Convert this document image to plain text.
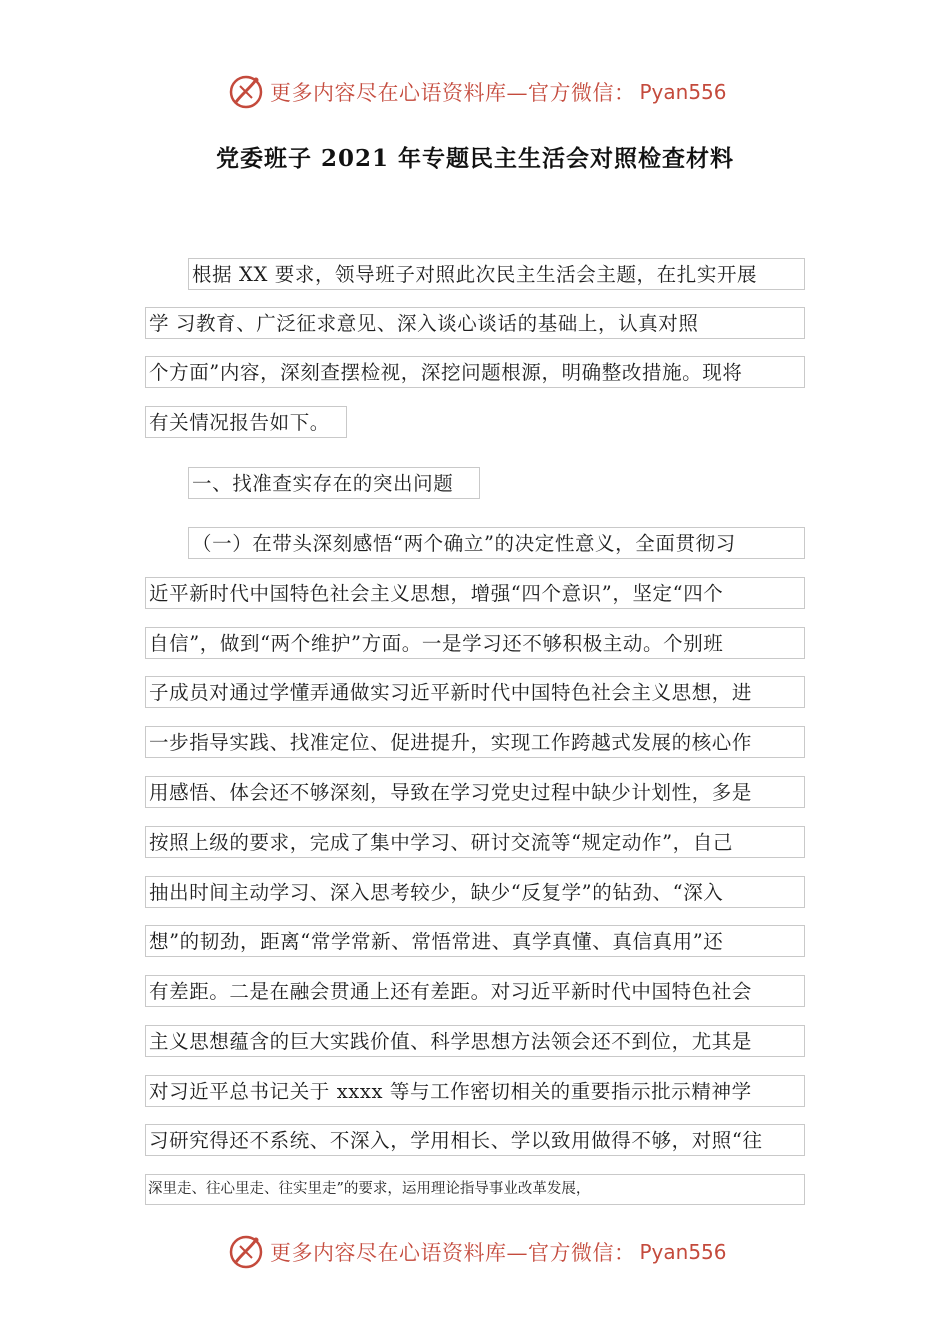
更多内容尽在心语资料库—官方微信： Pyan556
党委班子 2021 年专题民主生活会对照检查材料
根据 XX 要求，领导班子对照此次民主生活会主题，在扎实开展
学 习教育、广泛征求意见、深入谈心谈话的基础上，认真对照
个方面”内容，深刻查摆检视，深挖问题根源，明确整改措施。现将
有关情况报告如下。
一、找准查实存在的突出问题
（一）在带头深刻感悟“两个确立”的决定性意义，全面贯彻习
近平新时代中国特色社会主义思想，增强“四个意识”，坚定“四个
自信”，做到“两个维护”方面。一是学习还不够积极主动。个别班
子成员对通过学懂弄通做实习近平新时代中国特色社会主义思想，进
一步指导实践、找准定位、促进提升，实现工作跨越式发展的核心作
用感悟、体会还不够深刻，导致在学习党史过程中缺少计划性，多是
按照上级的要求，完成了集中学习、研讨交流等“规定动作”，自己
抽出时间主动学习、深入思考较少，缺少“反复学”的钻劲、“深入
想”的韧劲，距离“常学常新、常悟常进、真学真懂、真信真用”还
有差距。二是在融会贯通上还有差距。对习近平新时代中国特色社会
主义思想蕴含的巨大实践价值、科学思想方法领会还不到位，尤其是
对习近平总书记关于 xxxx 等与工作密切相关的重要指示批示精神学
习研究得还不系统、不深入，学用相长、学以致用做得不够，对照“往
深里走、往心里走、往实里走”的要求，运用理论指导事业改革发展，
更多内容尽在心语资料库—官方微信： Pyan556
